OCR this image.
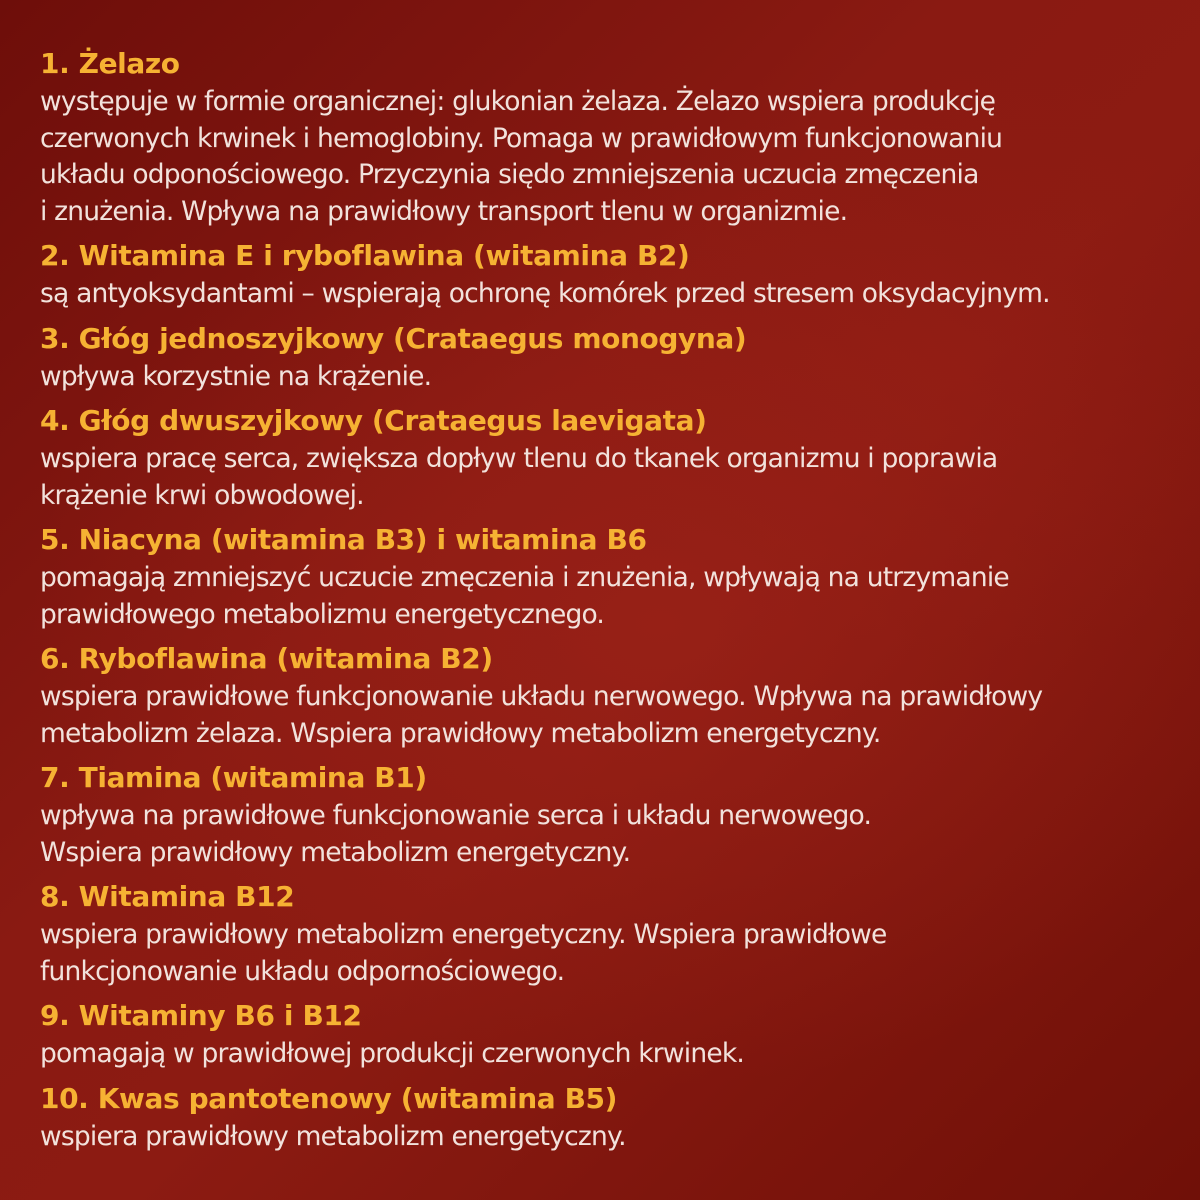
1. Żelazo
występuje w formie organicznej: glukonian żelaza. Żelazo wspiera produkcję
czerwonych krwinek i hemoglobiny. Pomaga w prawidłowym funkcjonowaniu
układu odponościowego. Przyczynia siędo zmniejszenia uczucia zmęczenia
i znużenia. Wpływa na prawidłowy transport tlenu w organizmie.
2. Witamina E i ryboflawina (witamina B2)
są antyoksydantami – wspierają ochronę komórek przed stresem oksydacyjnym.
3. Głóg jednoszyjkowy (Crataegus monogyna)
wpływa korzystnie na krążenie.
4. Głóg dwuszyjkowy (Crataegus laevigata)
wspiera pracę serca, zwiększa dopływ tlenu do tkanek organizmu i poprawia
krążenie krwi obwodowej.
5. Niacyna (witamina B3) i witamina B6
pomagają zmniejszyć uczucie zmęczenia i znużenia, wpływają na utrzymanie
prawidłowego metabolizmu energetycznego.
6. Ryboflawina (witamina B2)
wspiera prawidłowe funkcjonowanie układu nerwowego. Wpływa na prawidłowy
metabolizm żelaza. Wspiera prawidłowy metabolizm energetyczny.
7. Tiamina (witamina B1)
wpływa na prawidłowe funkcjonowanie serca i układu nerwowego.
Wspiera prawidłowy metabolizm energetyczny.
8. Witamina B12
wspiera prawidłowy metabolizm energetyczny. Wspiera prawidłowe
funkcjonowanie układu odpornościowego.
9. Witaminy B6 i B12
pomagają w prawidłowej produkcji czerwonych krwinek.
10. Kwas pantotenowy (witamina B5)
wspiera prawidłowy metabolizm energetyczny.
